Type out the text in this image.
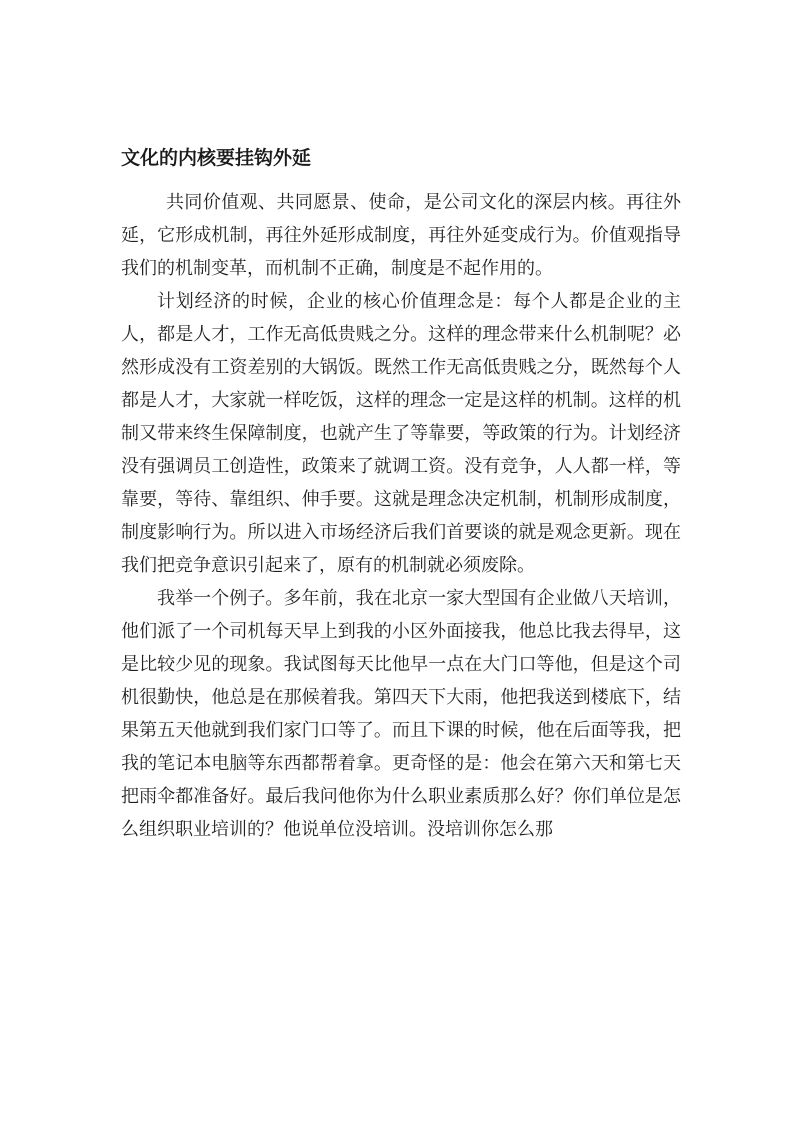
文化的内核要挂钩外延

共同价值观、共同愿景、使命，是公司文化的深层内核。再往外延，它形成机制，再往外延形成制度，再往外延变成行为。价值观指导我们的机制变革，而机制不正确，制度是不起作用的。

计划经济的时候，企业的核心价值理念是：每个人都是企业的主人，都是人才，工作无高低贵贱之分。这样的理念带来什么机制呢？必然形成没有工资差别的大锅饭。既然工作无高低贵贱之分，既然每个人都是人才，大家就一样吃饭，这样的理念一定是这样的机制。这样的机制又带来终生保障制度，也就产生了等靠要，等政策的行为。计划经济没有强调员工创造性，政策来了就调工资。没有竞争，人人都一样，等靠要，等待、靠组织、伸手要。这就是理念决定机制，机制形成制度，制度影响行为。所以进入市场经济后我们首要谈的就是观念更新。现在我们把竞争意识引起来了，原有的机制就必须废除。

我举一个例子。多年前，我在北京一家大型国有企业做八天培训，他们派了一个司机每天早上到我的小区外面接我，他总比我去得早，这是比较少见的现象。我试图每天比他早一点在大门口等他，但是这个司机很勤快，他总是在那候着我。第四天下大雨，他把我送到楼底下，结果第五天他就到我们家门口等了。而且下课的时候，他在后面等我，把我的笔记本电脑等东西都帮着拿。更奇怪的是：他会在第六天和第七天把雨伞都准备好。最后我问他你为什么职业素质那么好？你们单位是怎么组织职业培训的？他说单位没培训。没培训你怎么那
